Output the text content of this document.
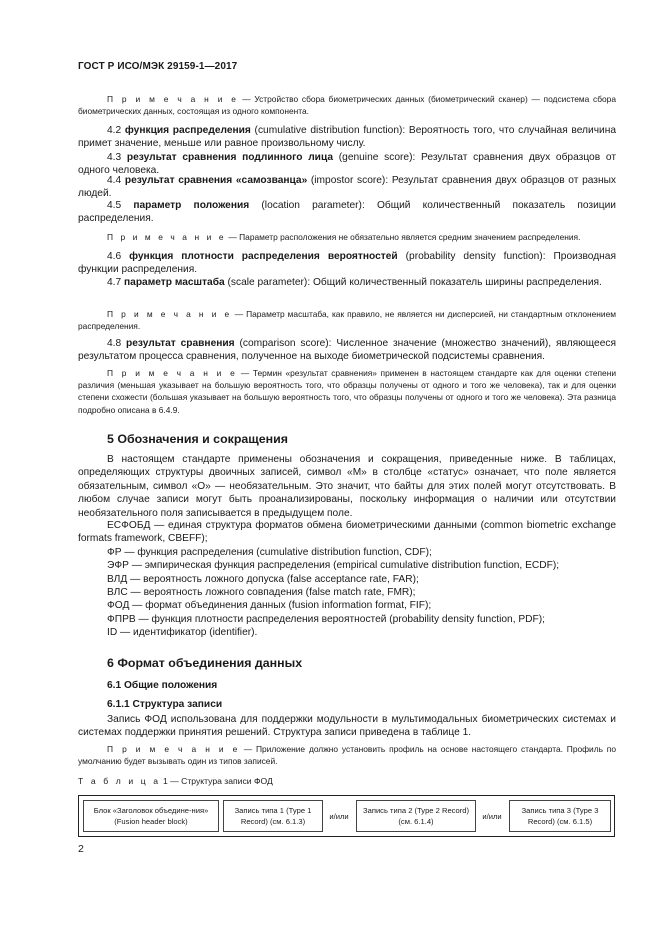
ГОСТ Р ИСО/МЭК 29159-1—2017
П р и м е ч а н и е — Устройство сбора биометрических данных (биометрический сканер) — подсистема сбора биометрических данных, состоящая из одного компонента.
4.2 функция распределения (cumulative distribution function): Вероятность того, что случайная величина примет значение, меньше или равное произвольному числу.
4.3 результат сравнения подлинного лица (genuine score): Результат сравнения двух образцов от одного человека.
4.4 результат сравнения «самозванца» (impostor score): Результат сравнения двух образцов от разных людей.
4.5 параметр положения (location parameter): Общий количественный показатель позиции распределения.
П р и м е ч а н и е — Параметр расположения не обязательно является средним значением распределения.
4.6 функция плотности распределения вероятностей (probability density function): Производная функции распределения.
4.7 параметр масштаба (scale parameter): Общий количественный показатель ширины распределения.
П р и м е ч а н и е — Параметр масштаба, как правило, не является ни дисперсией, ни стандартным отклонением распределения.
4.8 результат сравнения (comparison score): Численное значение (множество значений), являющееся результатом процесса сравнения, полученное на выходе биометрической подсистемы сравнения.
П р и м е ч а н и е — Термин «результат сравнения» применен в настоящем стандарте как для оценки степени различия (меньшая указывает на большую вероятность того, что образцы получены от одного и того же человека), так и для оценки степени схожести (большая указывает на большую вероятность того, что образцы получены от одного и того же человека). Эта разница подробно описана в 6.4.9.
5 Обозначения и сокращения
В настоящем стандарте применены обозначения и сокращения, приведенные ниже. В таблицах, определяющих структуры двоичных записей, символ «М» в столбце «статус» означает, что поле является обязательным, символ «О» — необязательным. Это значит, что байты для этих полей могут отсутствовать. В любом случае записи могут быть проанализированы, поскольку информация о наличии или отсутствии необязательного поля записывается в предыдущем поле.
ЕСФОБД — единая структура форматов обмена биометрическими данными (common biometric exchange formats framework, CBEFF);
ФР — функция распределения (cumulative distribution function, CDF);
ЭФР — эмпирическая функция распределения (empirical cumulative distribution function, ECDF);
ВЛД — вероятность ложного допуска (false acceptance rate, FAR);
ВЛС — вероятность ложного совпадения (false match rate, FMR);
ФОД — формат объединения данных (fusion information format, FIF);
ФПРВ — функция плотности распределения вероятностей (probability density function, PDF);
ID — идентификатор (identifier).
6 Формат объединения данных
6.1 Общие положения
6.1.1 Структура записи
Запись ФОД использована для поддержки модульности в мультимодальных биометрических системах и системах поддержки принятия решений. Структура записи приведена в таблице 1.
П р и м е ч а н и е — Приложение должно установить профиль на основе настоящего стандарта. Профиль по умолчанию будет вызывать один из типов записей.
Т а б л и ц а 1 — Структура записи ФОД
Блок «Заголовок объедине-ния» (Fusion header block)
Запись типа 1 (Type 1 Record) (см. 6.1.3)
и/или
Запись типа 2 (Type 2 Record) (см. 6.1.4)
и/или
Запись типа 3 (Type 3 Record) (см. 6.1.5)
2
